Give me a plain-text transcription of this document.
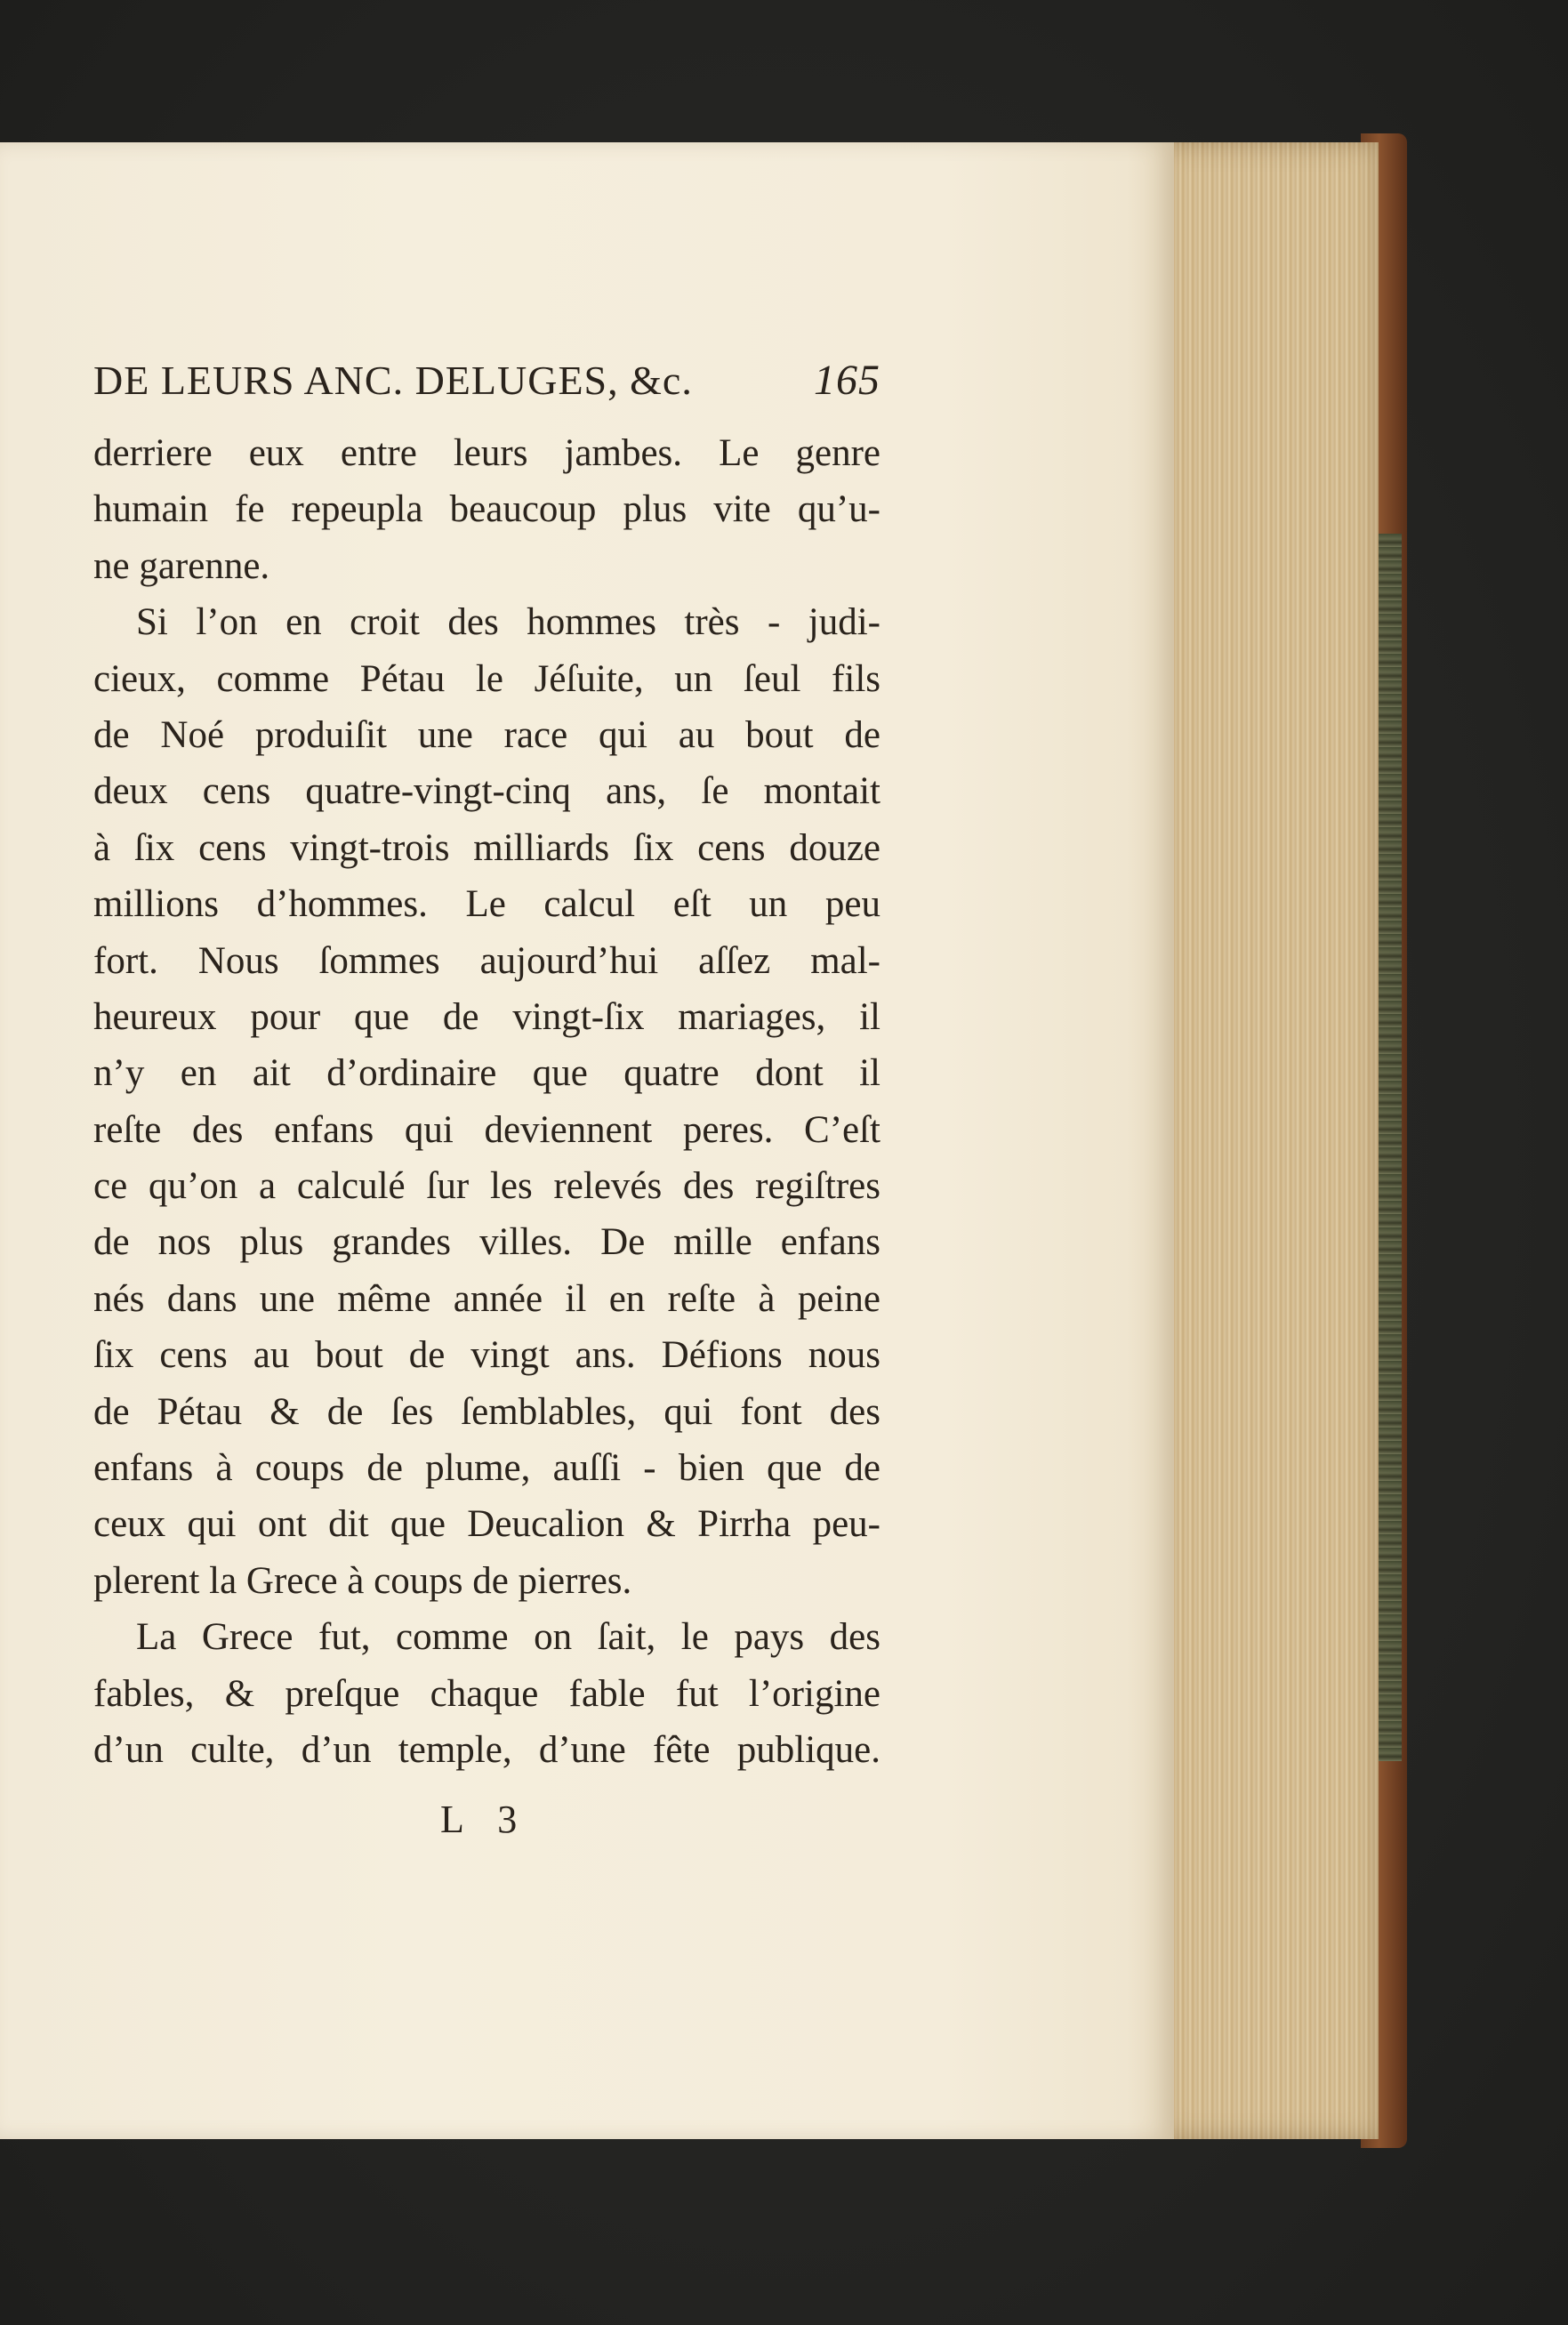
DE LEURS ANC. DELUGES, &c.	165
derriere eux entre leurs jambes. Le genre
humain fe repeupla beaucoup plus vite qu’u-
ne garenne.
Si l’on en croit des hommes très - judi-
cieux, comme Pétau le Jéſuite, un ſeul fils
de Noé produiſit une race qui au bout de
deux cens quatre-vingt-cinq ans, ſe montait
à ſix cens vingt-trois milliards ſix cens douze
millions d’hommes. Le calcul eſt un peu
fort. Nous ſommes aujourd’hui aſſez mal-
heureux pour que de vingt-ſix mariages, il
n’y en ait d’ordinaire que quatre dont il
reſte des enfans qui deviennent peres. C’eſt
ce qu’on a calculé ſur les relevés des regiſtres
de nos plus grandes villes. De mille enfans
nés dans une même année il en reſte à peine
ſix cens au bout de vingt ans. Défions nous
de Pétau & de ſes ſemblables, qui font des
enfans à coups de plume, auſſi - bien que de
ceux qui ont dit que Deucalion & Pirrha peu-
plerent la Grece à coups de pierres.
La Grece fut, comme on ſait, le pays des
fables, & preſque chaque fable fut l’origine
d’un culte, d’un temple, d’une fête publique.
L 3
